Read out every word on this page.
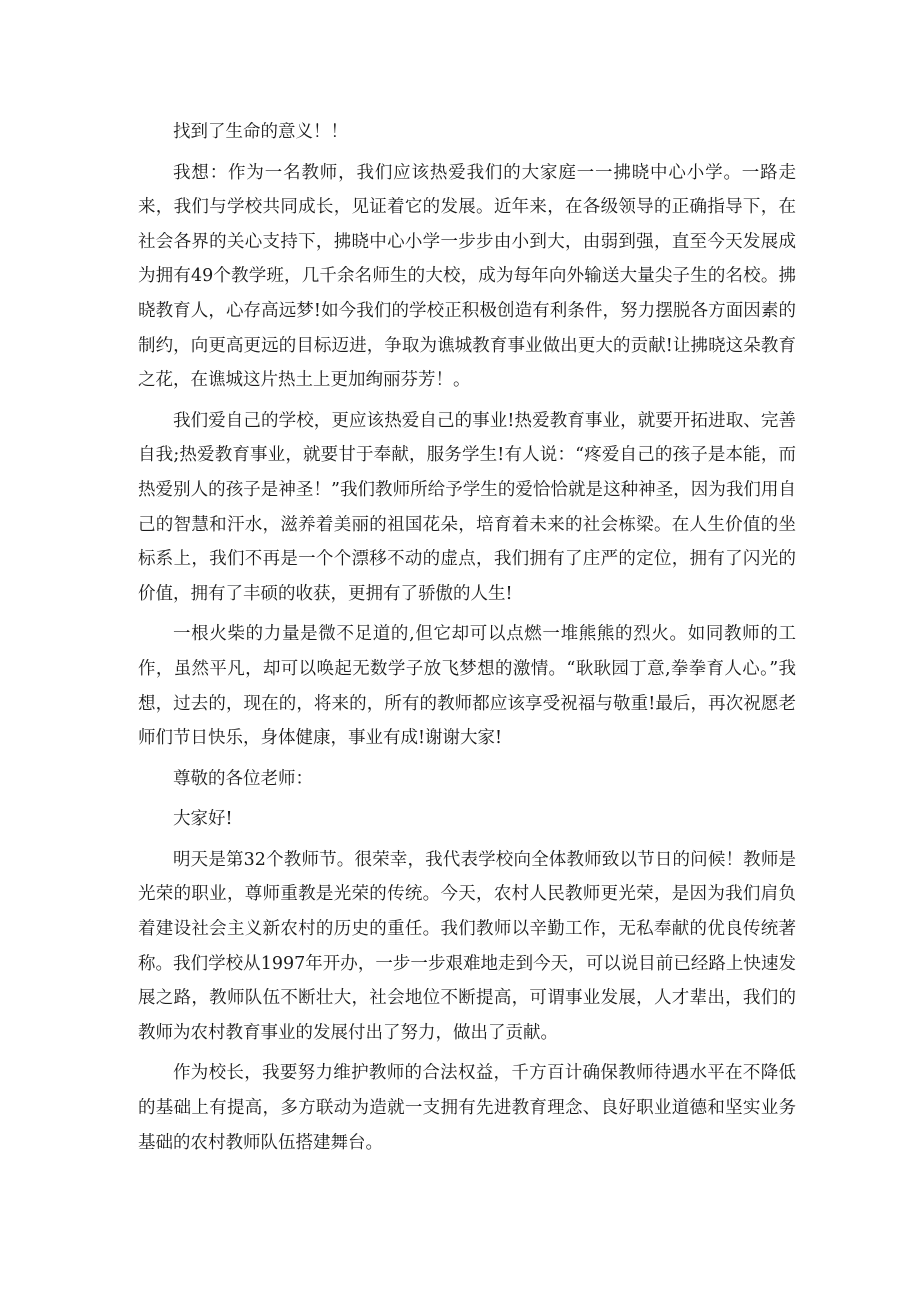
找到了生命的意义！！

我想：作为一名教师，我们应该热爱我们的大家庭一一拂晓中心小学。一路走来，我们与学校共同成长，见证着它的发展。近年来，在各级领导的正确指导下，在社会各界的关心支持下，拂晓中心小学一步步由小到大，由弱到强，直至今天发展成为拥有49个教学班，几千余名师生的大校，成为每年向外输送大量尖子生的名校。拂晓教育人，心存高远梦!如今我们的学校正积极创造有利条件，努力摆脱各方面因素的制约，向更高更远的目标迈进，争取为谯城教育事业做出更大的贡献!让拂晓这朵教育之花，在谯城这片热土上更加绚丽芬芳！。

我们爱自己的学校，更应该热爱自己的事业!热爱教育事业，就要开拓进取、完善自我;热爱教育事业，就要甘于奉献，服务学生!有人说：“疼爱自己的孩子是本能，而热爱别人的孩子是神圣！”我们教师所给予学生的爱恰恰就是这种神圣，因为我们用自己的智慧和汗水，滋养着美丽的祖国花朵，培育着未来的社会栋梁。在人生价值的坐标系上，我们不再是一个个漂移不动的虚点，我们拥有了庄严的定位，拥有了闪光的价值，拥有了丰硕的收获，更拥有了骄傲的人生!

一根火柴的力量是微不足道的,但它却可以点燃一堆熊熊的烈火。如同教师的工作，虽然平凡，却可以唤起无数学子放飞梦想的激情。“耿耿园丁意,拳拳育人心。”我想，过去的，现在的，将来的，所有的教师都应该享受祝福与敬重!最后，再次祝愿老师们节日快乐，身体健康，事业有成!谢谢大家!

尊敬的各位老师：

大家好!

明天是第32个教师节。很荣幸，我代表学校向全体教师致以节日的问候！教师是光荣的职业，尊师重教是光荣的传统。今天，农村人民教师更光荣，是因为我们肩负着建设社会主义新农村的历史的重任。我们教师以辛勤工作，无私奉献的优良传统著称。我们学校从1997年开办，一步一步艰难地走到今天，可以说目前已经路上快速发展之路，教师队伍不断壮大，社会地位不断提高，可谓事业发展，人才辈出，我们的教师为农村教育事业的发展付出了努力，做出了贡献。

作为校长，我要努力维护教师的合法权益，千方百计确保教师待遇水平在不降低的基础上有提高，多方联动为造就一支拥有先进教育理念、良好职业道德和坚实业务基础的农村教师队伍搭建舞台。
